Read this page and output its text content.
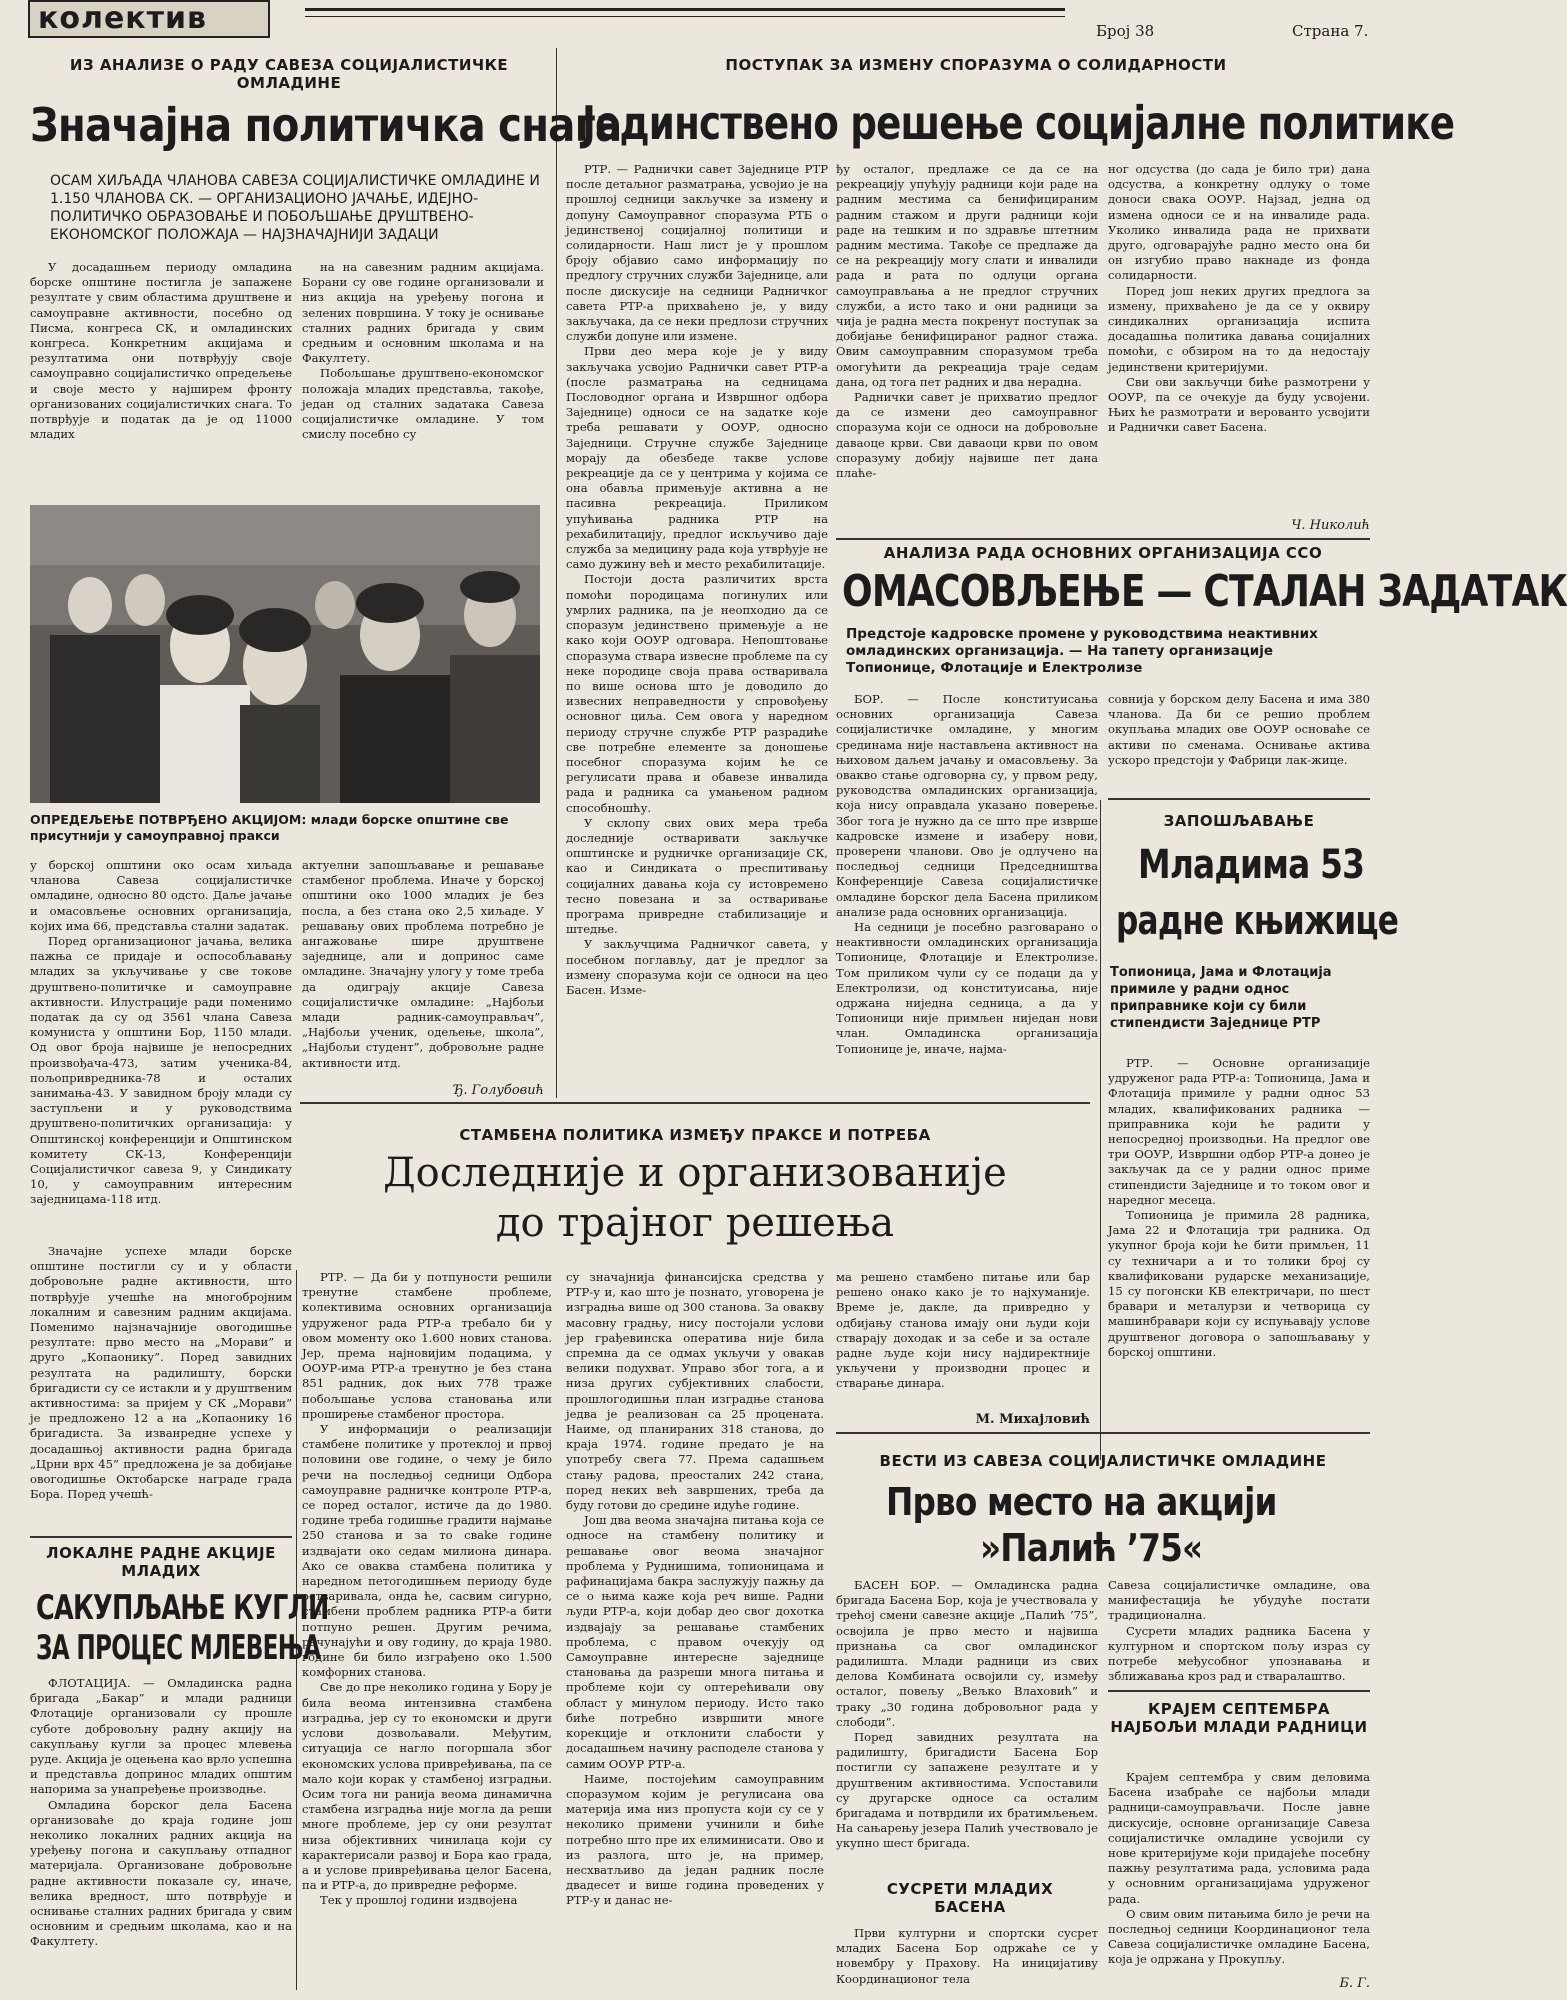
колектив	Број 38	Страна 7.
ИЗ АНАЛИЗЕ О РАДУ САВЕЗА СОЦИЈАЛИСТИЧКЕ ОМЛАДИНЕ
Значајна политичка снага
ОСАМ ХИЉАДА ЧЛАНОВА САВЕЗА СОЦИЈАЛИСТИЧКЕ ОМЛАДИНЕ И 1.150 ЧЛАНОВА СК. — ОРГАНИЗАЦИОНО ЈАЧАЊЕ, ИДЕЈНО-ПОЛИТИЧКО ОБРАЗОВАЊЕ И ПОБОЉШАЊЕ ДРУШТВЕНО-ЕКОНОМСКОГ ПОЛОЖАЈА — НАЈЗНАЧАЈНИЈИ ЗАДАЦИ

У досадашњем периоду омладина борске општине постигла је запажене резултате у свим областима друштвене и самоуправне активности, посебно од Писма, конгреса СК, и омладинских конгреса. Конкретним акцијама и резултатима они потврђују своје самоуправно социјалистичко опредељење и своје место у најширем фронту организованих социјалистичких снага. То потврђује и податак да је од 11000 младих

на на савезним радним акцијама. Борани су ове године организовали и низ акција на уређењу погона и зелених површина. У току је оснивање сталних радних бригада у свим средњим и основним школама и на Факултету.

Побољшање друштвено-економског положаја младих представља, такође, један од сталних задатака Савеза социјалистичке омладине. У том смислу посебно су

ОПРЕДЕЉЕЊЕ ПОТВРЂЕНО АКЦИЈОМ: млади борске општине све присутнији у самоуправној пракси

у борској општини око осам хиљада чланова Савеза социјалистичке омладине, односно 80 одсто. Даље јачање и омасовљење основних организација, којих има 66, представља стални задатак.

Поред организационог јачања, велика пажња се придаје и оспособљавању младих за укључивање у све токове друштвено-политичке и самоуправне активности. Илустрације ради поменимо податак да су од 3561 члана Савеза комуниста у општини Бор, 1150 млади. Од овог броја највише је непосредних произвођача-473, затим ученика-84, пољопривредника-78 и осталих занимања-43. У завидном броју млади су заступљени и у руководствима друштвено-политичких организација: у Општинској конференцији и Општинском комитету СК-13, Конференцији Социјалистичког савеза 9, у Синдикату 10, у самоуправним интересним заједницама-118 итд.

Значајне успехе млади борске општине постигли су и у области добровољне радне активности, што потврђује учешће на многобројним локалним и савезним радним акцијама. Поменимо најзначајније овогодишње резултате: прво место на „Морави” и друго „Копаонику”. Поред завидних резултата на радилишту, борски бригадисти су се истакли и у друштвеним активностима: за пријем у СК „Морави” је предложено 12 а на „Копаонику 16 бригадиста. За изванредне успехе у досадашњој активности радна бригада „Црни врх 45” предложена је за добијање овогодишње Октобарске награде града Бора. Поред учешћ-

актуелни запошљавање и решавање стамбеног проблема. Иначе у борској општини око 1000 младих је без посла, а без стана око 2,5 хиљаде. У решавању ових проблема потребно је ангажовање шире друштвене заједнице, али и допринос саме омладине. Значајну улогу у томе треба да одиграју акције Савеза социјалистичке омладине: „Најбољи млади радник-самоуправљач”, „Најбољи ученик, одељење, школа”, „Најбољи студент”, добровољне радне активности итд.

Ђ. Голубовић
ПОСТУПАК ЗА ИЗМЕНУ СПОРАЗУМА О СОЛИДАРНОСТИ
Јединствено решење социјалне политике

РТР. — Раднички савет Заједнице РТР после детаљног разматрања, усвојио је на прошлој седници закључке за измену и допуну Самоуправног споразума РТБ о јединственој социјалној политици и солидарности. Наш лист је у прошлом броју објавио само информацију по предлогу стручних служби Заједнице, али после дискусије на седници Радничког савета РТР-а прихваћено је, у виду закључака, да се неки предлози стручних служби допуне или измене.

Први део мера које је у виду закључака усвојио Раднички савет РТР-а (после разматрања на седницама Пословодног органа и Извршног одбора Заједнице) односи се на задатке које треба решавати у ООУР, односно Заједници. Стручне службе Заједнице морају да обезбеде такве услове рекреације да се у центрима у којима се она обавља примењује активна а не пасивна рекреација. Приликом упућивања радника РТР на рехабилитацију, предлог искључиво даје служба за медицину рада која утврђује не само дужину већ и место рехабилитације.

Постоји доста различитих врста помоћи породицама погинулих или умрлих радника, па је неопходно да се споразум јединствено примењује а не како који ООУР одговара. Непоштовање споразума ствара извесне проблеме па су неке породице своја права остваривала по више основа што је доводило до извесних неправедности у спровођењу основног циља. Сем овога у наредном периоду стручне службе РТР разрадиће све потребне елементе за доношење посебног споразума којим ће се регулисати права и обавезе инвалида рада и радника са умањеном радном способношћу.

У склопу свих ових мера треба доследније остваривати закључке општинске и рудничке организације СК, као и Синдиката о преспитивању социјалних давања која су истовремено тесно повезана и за остваривање програма привредне стабилизације и штедње.

У закључцима Радничког савета, у посебном поглављу, дат је предлог за измену споразума који се односи на цео Басен. Изме-

ђу осталог, предлаже се да се на рекреацију упућују радници који раде на радним местима са бенифицираним радним стажом и други радници који раде на тешким и по здравље штетним радним местима. Такође се предлаже да се на рекреацију могу слати и инвалиди рада и рата по одлуци органа самоуправљања а не предлог стручних служби, а исто тако и они радници за чија је радна места покренут поступак за добијање бенифицираног радног стажа. Овим самоуправним споразумом треба омогућити да рекреација траје седам дана, од тога пет радних и два нерадна.

Раднички савет је прихватио предлог да се измени део самоуправног споразума који се односи на добровољне даваоце крви. Сви даваоци крви по овом споразуму добију највише пет дана плаће-

ног одсуства (до сада је било три) дана одсуства, а конкретну одлуку о томе доноси свака ООУР. Најзад, једна од измена односи се и на инвалиде рада. Уколико инвалида рада не прихвати друго, одговарајуће радно место она би он изгубио право накнаде из фонда солидарности.

Поред још неких других предлога за измену, прихваћено је да се у оквиру синдикалних организација испита досадашња политика давања социјалних помоћи, с обзиром на то да недостају јединствени критеријуми.

Сви ови закључци биће размотрени у ООУР, па се очекује да буду усвојени. Њих ће размотрати и верованто усвојити и Раднички савет Басена.

Ч. Николић
АНАЛИЗА РАДА ОСНОВНИХ ОРГАНИЗАЦИЈА ССО
ОМАСОВЉЕЊЕ — СТАЛАН ЗАДАТАК
Предстоје кадровске промене у руководствима неактивних омладинских организација. — На тапету организације Топионице, Флотације и Електролизе

БОР. — После конституисања основних организација Савеза социјалистичке омладине, у многим срединама није настављена активност на њиховом даљем јачању и омасовљењу. За овакво стање одговорна су, у првом реду, руководства омладинских организација, која нису оправдала указано поверење. Због тога је нужно да се што пре изврше кадровске измене и изаберу нови, проверени чланови. Ово је одлучено на последњој седници Председништва Конференције Савеза социјалистичке омладине борског дела Басена приликом анализе рада основних организација.

На седници је посебно разговарано о неактивности омладинских организација Топионице, Флотације и Електролизе. Том приликом чули су се подаци да у Електролизи, од конституисања, није одржана ниједна седница, а да у Топионици није примљен ниједан нови члан. Омладинска организација Топионице је, иначе, најма-

совнија у борском делу Басена и има 380 чланова. Да би се решио проблем окупљања младих ове ООУР основаће се активи по сменама. Оснивање актива ускоро предстоји у Фабрици лак-жице.

ЗАПОШЉАВАЊЕ
Младима 53
радне књижице
Топионица, Јама и Флотација примиле у радни однос приправнике који су били стипендисти Заједнице РТР

РТР. — Основне организације удруженог рада РТР-а: Топионица, Јама и Флотација примиле у радни однос 53 младих, квалификованих радника — приправника који ће радити у непосредној производњи. На предлог ове три ООУР, Извршни одбор РТР-а донео је закључак да се у радни однос приме стипендисти Заједнице и то током овог и наредног месеца.

Топионица је примила 28 радника, Јама 22 и Флотација три радника. Од укупног броја који ће бити примљен, 11 су техничари а и то толики број су квалификовани рударске механизације, 15 су погонски КВ електричари, по шест бравари и металурзи и четворица су машинбравари који су испуњавају услове друштвеног договора о запошљавању у борској општини.

СТАМБЕНА ПОЛИТИКА ИЗМЕЂУ ПРАКСЕ И ПОТРЕБА
Доследније и организованије
до трајног решења

РТР. — Да би у потпуности решили тренутне стамбене проблеме, колективима основних организација удруженог рада РТР-а требало би у овом моменту око 1.600 нових станова. Јер, према најновијим подацима, у ООУР-има РТР-а тренутно је без стана 851 радник, док њих 778 траже побољшање услова становања или проширење стамбеног простора.

У информацији о реализацији стамбене политике у протеклој и првој половини ове године, о чему је било речи на последњој седници Одбора самоуправне радничке контроле РТР-а, се поред осталог, истиче да до 1980. године треба годишње градити најмање 250 станова и за то свake године издвајати око седам милиона динара. Ако се оваква стамбена политика у наредном петогодишњем периоду буде остваривала, онда ће, сасвим сигурно, стамбени проблем радника РТР-а бити потпуно решен. Другим речима, рачунајући и ову годину, до краја 1980. године би било изграђено око 1.500 комфорних станова.

Све до пре неколико година у Бору је била веома интензивна стамбена изградња, јер су то економски и други услови дозвољавали. Међутим, ситуација се нагло погоршала због економских услова привређивања, па се мало који корак у стамбеној изградњи. Осим тога ни ранија веома динамична стамбена изградња није могла да реши многе проблеме, јер су они резултат низа објективних чинилаца који су карактерисали развој и Бора као града, а и услове привређивања целог Басена, па и РТР-а, до привредне реформе.

Тек у прошлој години издвојена

су значајнија финансијска средства у РТР-у и, као што је познато, уговорена је изградња више од 300 станова. За овакву масовну градњу, нису постојали услови јер грађевинска оператива није била спремна да се одмах укључи у овакав велики подухват. Управо због тога, а и низа других субјективних слабости, прошлогодишњи план изградње станова једва је реализован са 25 процената. Наиме, од планираних 318 станова, до краја 1974. године предато је на употребу свега 77. Према садашњем стању радова, преосталих 242 стана, поред неких већ завршених, треба да буду готови до средине идуће године.

Још два веома значајна питања која се односе на стамбену политику и решавање овог веома значајног проблема у Руднишима, топионицама и рафинацијама бакра заслужују пажњу да се о њима каже која реч више. Радни људи РТР-а, који добар део свог дохотка издвајају за решавање стамбених проблема, с правом очекују од Самоуправне интересне заједнице становања да разреши многа питања и проблеме који су оптерећивали ову област у минулом периоду. Исто тако биће потребно извршити многе корекције и отклонити слабости у досадашњем начину расподеле станова у самим ООУР РТР-а.

Наиме, постојећим самоуправним споразумом којим је регулисана ова материја има низ пропуста који су се у неколико примени учинили и биће потребно што пре их елиминисати. Ово и из разлога, што је, на пример, несхватљиво да један радник после двадесет и више година проведених у РТР-у и данас не-

ма решено стамбено питање или бар решено онако како је то најхуманије. Време је, дакле, да привредно у одбијању станова имају они људи који стварају доходак и за себе и за остале радне људе који нису најдиректније укључени у производни процес и стварање динара.

М. Михајловић
ЛОКАЛНЕ РАДНЕ АКЦИЈЕ МЛАДИХ
САКУПЉАЊЕ КУГЛИ
ЗА ПРОЦЕС МЛЕВЕЊА

ФЛОТАЦИЈА. — Омладинска радна бригада „Бакар” и млади радници Флотације организовали су прошле суботе добровољну радну акцију на сакупљању кугли за процес млевења руде. Акција је оцењена као врло успешна и представља допринос младих општим напорима за унапређење производње.

Омладина борског дела Басена организоваће до краја године још неколико локалних радних акција на уређењу погона и сакупљању отпадног материјала. Организоване добровољне радне активности показале су, иначе, велика вредност, што потврђује и оснивање сталних радних бригада у свим основним и средњим школама, као и на Факултету.

ВЕСТИ ИЗ САВЕЗА СОЦИЈАЛИСТИЧКЕ ОМЛАДИНЕ
Прво место на акцији
»Палић ’75«

БАСЕН БОР. — Омладинска радна бригада Басена Бор, која је учествовала у трећој смени савезне акције „Палић ’75”, освојила је прво место и највиша признања са свог омладинског радилишта. Млади радници из свих делова Комбината освојили су, између осталог, повељу „Вељко Влаховић” и траку „30 година добровољног рада у слободи”.

Поред завидних резултата на радилишту, бригадисти Басена Бор постигли су запажене резултате и у друштвеним активностима. Успоставили су другарске односе са осталим бригадама и потврдили их братимљењем. На сањарењу језера Палић учествовало је укупно шест бригада.

СУСРЕТИ МЛАДИХ БАСЕНА

Први културни и спортски сусрет младих Басена Бор одржаће се у новембру у Прахову. На иницијативу Координационог тела

Савеза социјалистичке омладине, ова манифестација ће убудуће постати традиционална.

Сусрети младих радника Басена у културном и спортском пољу израз су потребе међусобног упознавања и зближавања кроз рад и стваралаштво.

Б. Г.
КРАЈЕМ СЕПТЕМБРА НАЈБОЉИ МЛАДИ РАДНИЦИ

Крајем септембра у свим деловима Басена изабраће се најбољи млади радници-самоуправљачи. После јавне дискусије, основне организације Савеза социјалистичке омладине усвојили су нове критеријуме који придајеће посебну пажњу резултатима рада, условима рада у основним организацијама удруженог рада.

О свим овим питањима било је речи на последњој седници Координационог тела Савеза социјалистичке омладине Басена, која је одржана у Прокупљу.
